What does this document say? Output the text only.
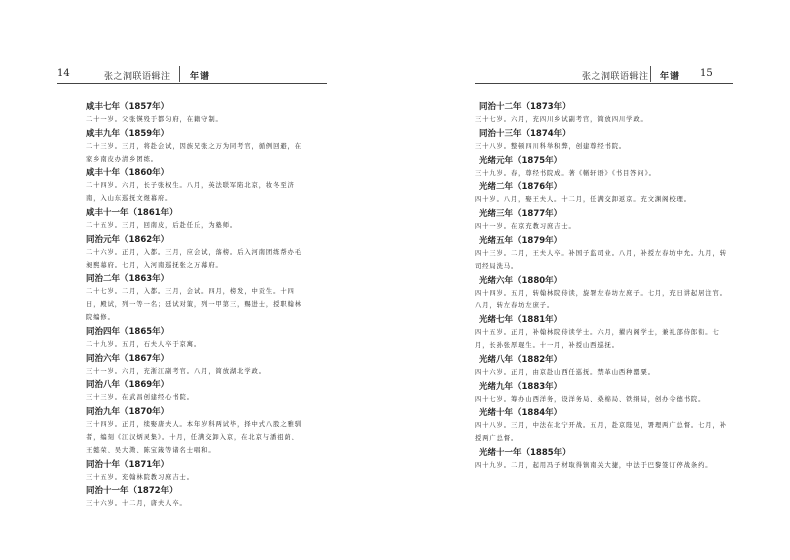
14	张之洞联语辑注 年谱
咸丰七年（1857年）
二十一岁。父张锳殁于都匀府，在籍守制。
咸丰九年（1859年）
二十三岁。三月，将赴会试，因族兄张之万为同考官，循例回避，在家乡南皮办清乡团练。
咸丰十年（1860年）
二十四岁。六月，长子张权生。八月，英法联军陷北京，妆冬至济南，入山东巡抚文煜幕府。
咸丰十一年（1861年）
二十五岁。三月，回南皮，后赴任丘，为塾师。
同治元年（1862年）
二十六岁。正月，入都。三月，应会试，落榜。后入河南团练帮办毛昶熙幕府。七月，入河南巡抚张之万幕府。
同治二年（1863年）
二十七岁。二月，入都。三月，会试。四月，榜发，中贡生。十四日，殿试，列一等一名；廷试对策，列一甲第三，赐进士，授职翰林院编修。
同治四年（1865年）
二十九岁。五月，石夫人卒于京寓。
同治六年（1867年）
三十一岁。六月，充浙江副考官。八月，简放湖北学政。
同治八年（1869年）
三十三岁。在武昌创建经心书院。
同治九年（1870年）
三十四岁。正月，续娶唐夫人。本年岁科两试毕，择中式八股之雅驯者，编刻《江汉炳灵集》。十月，任满交卸入京，在北京与潘祖荫、王懿荣、吴大澂、陈宝箴等诸名士唱和。
同治十年（1871年）
三十五岁。充翰林院教习庶吉士。
同治十一年（1872年）
三十六岁。十二月，唐夫人卒。
张之洞联语辑注 年谱 15
同治十二年（1873年）
三十七岁。六月，充四川乡试副考官，简放四川学政。
同治十三年（1874年）
三十八岁。整顿四川科举积弊，创建尊经书院。
光绪元年（1875年）
三十九岁。春，尊经书院成。著《輶轩语》《书目答问》。
光绪二年（1876年）
四十岁。八月，娶王夫人。十二月，任满交卸返京。充文渊阁校理。
光绪三年（1877年）
四十一岁。在京充教习庶吉士。
光绪五年（1879年）
四十三岁。二月，王夫人卒。补国子监司业。八月，补授左春坊中允。九月，转司经局洗马。
光绪六年（1880年）
四十四岁。五月，转翰林院侍读，旋署左春坊左庶子。七月，充日讲起居注官。八月，转左春坊左庶子。
光绪七年（1881年）
四十五岁。正月，补翰林院侍读学士。六月，擢内阁学士，兼礼部侍郎衔。七月，长孙张厚琨生。十一月，补授山西巡抚。
光绪八年（1882年）
四十六岁。正月，由京赴山西任巡抚。禁革山西种罂粟。
光绪九年（1883年）
四十七岁。筹办山西洋务，设洋务局、桑棉局、铁绢局，创办令德书院。
光绪十年（1884年）
四十八岁。三月，中法在北宁开战。五月，赴京陛见，署理两广总督。七月，补授两广总督。
光绪十一年（1885年）
四十九岁。二月，起用冯子材取得镇南关大捷，中法于巴黎签订停战条约。
